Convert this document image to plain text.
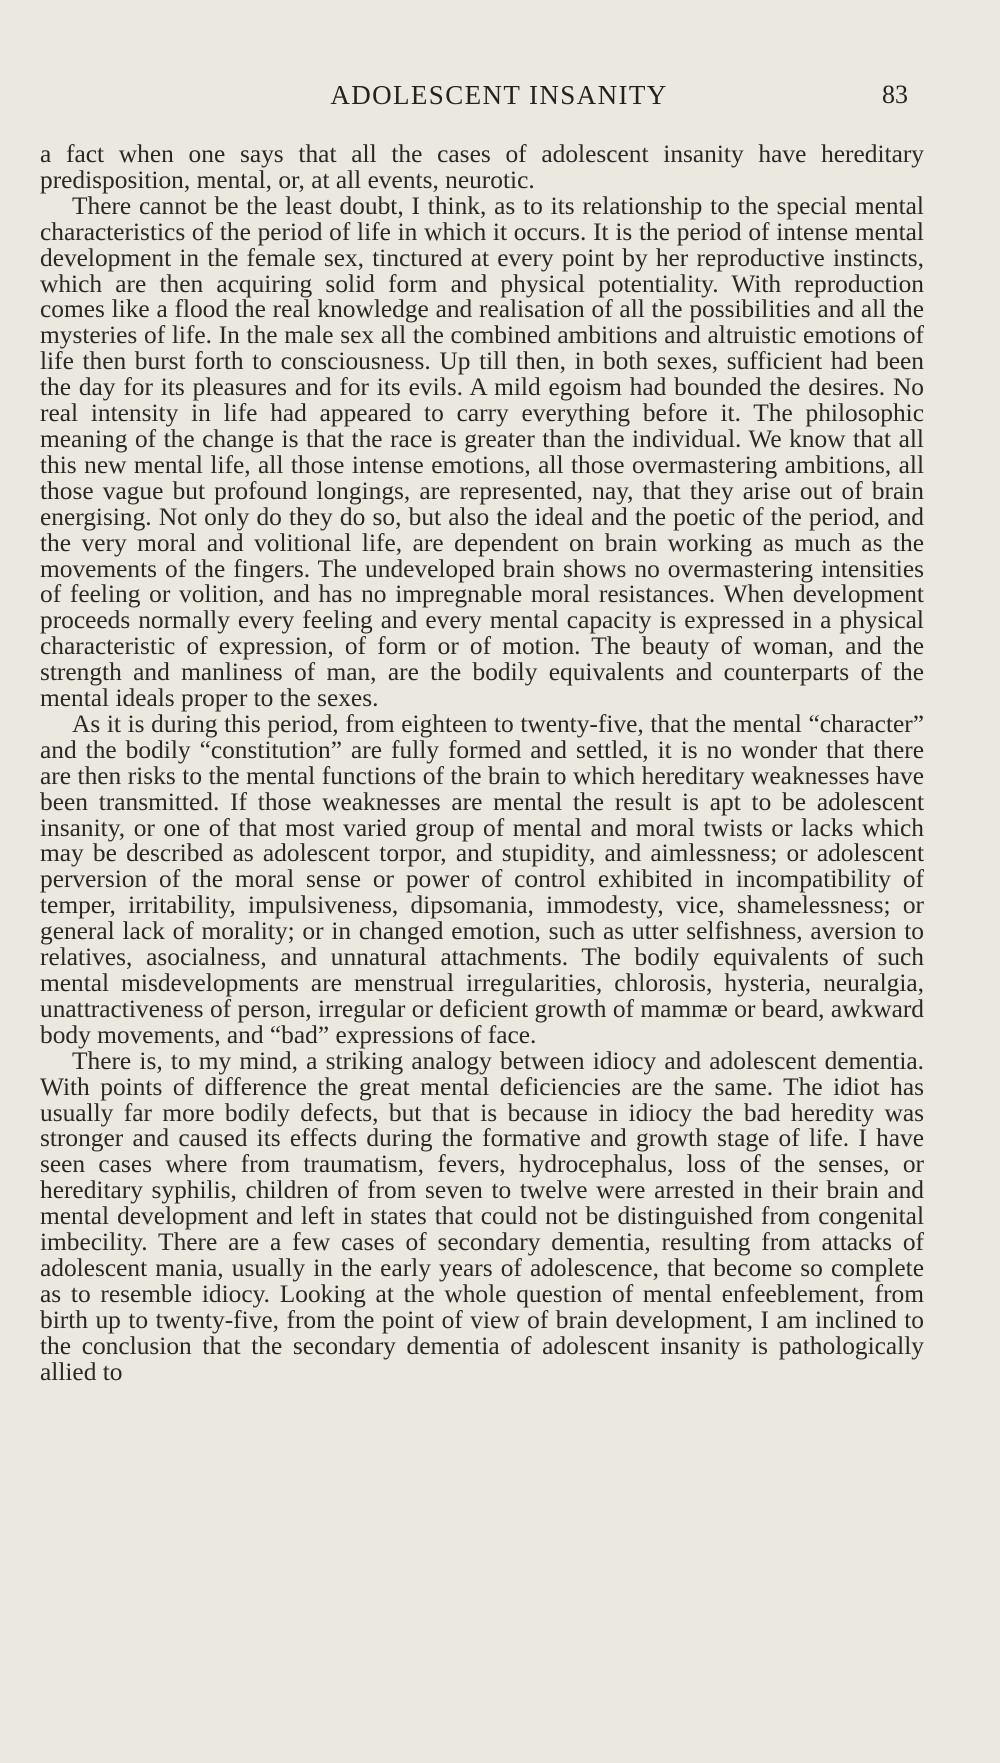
ADOLESCENT INSANITY	83

a fact when one says that all the cases of adolescent insanity have hereditary predisposition, mental, or, at all events, neurotic.

There cannot be the least doubt, I think, as to its relationship to the special mental characteristics of the period of life in which it occurs. It is the period of intense mental development in the female sex, tinctured at every point by her reproductive instincts, which are then acquiring solid form and physical potentiality. With reproduction comes like a flood the real knowledge and realisation of all the possibilities and all the mysteries of life. In the male sex all the combined ambitions and altruistic emotions of life then burst forth to consciousness. Up till then, in both sexes, sufficient had been the day for its pleasures and for its evils. A mild egoism had bounded the desires. No real intensity in life had appeared to carry everything before it. The philosophic meaning of the change is that the race is greater than the individual. We know that all this new mental life, all those intense emotions, all those overmastering ambitions, all those vague but profound longings, are represented, nay, that they arise out of brain energising. Not only do they do so, but also the ideal and the poetic of the period, and the very moral and volitional life, are dependent on brain working as much as the movements of the fingers. The undeveloped brain shows no overmastering intensities of feeling or volition, and has no impregnable moral resistances. When development proceeds normally every feeling and every mental capacity is expressed in a physical characteristic of expression, of form or of motion. The beauty of woman, and the strength and manliness of man, are the bodily equivalents and counterparts of the mental ideals proper to the sexes.

As it is during this period, from eighteen to twenty-five, that the mental “character” and the bodily “constitution” are fully formed and settled, it is no wonder that there are then risks to the mental functions of the brain to which hereditary weaknesses have been transmitted. If those weaknesses are mental the result is apt to be adolescent insanity, or one of that most varied group of mental and moral twists or lacks which may be described as adolescent torpor, and stupidity, and aimlessness; or adolescent perversion of the moral sense or power of control exhibited in incompatibility of temper, irritability, impulsiveness, dipsomania, immodesty, vice, shamelessness; or general lack of morality; or in changed emotion, such as utter selfishness, aversion to relatives, asocialness, and unnatural attachments. The bodily equivalents of such mental misdevelopments are menstrual irregularities, chlorosis, hysteria, neuralgia, unattractiveness of person, irregular or deficient growth of mammæ or beard, awkward body movements, and “bad” expressions of face.

There is, to my mind, a striking analogy between idiocy and adolescent dementia. With points of difference the great mental deficiencies are the same. The idiot has usually far more bodily defects, but that is because in idiocy the bad heredity was stronger and caused its effects during the formative and growth stage of life. I have seen cases where from traumatism, fevers, hydrocephalus, loss of the senses, or hereditary syphilis, children of from seven to twelve were arrested in their brain and mental development and left in states that could not be distinguished from congenital imbecility. There are a few cases of secondary dementia, resulting from attacks of adolescent mania, usually in the early years of adolescence, that become so complete as to resemble idiocy. Looking at the whole question of mental enfeeblement, from birth up to twenty-five, from the point of view of brain development, I am inclined to the conclusion that the secondary dementia of adolescent insanity is pathologically allied to
